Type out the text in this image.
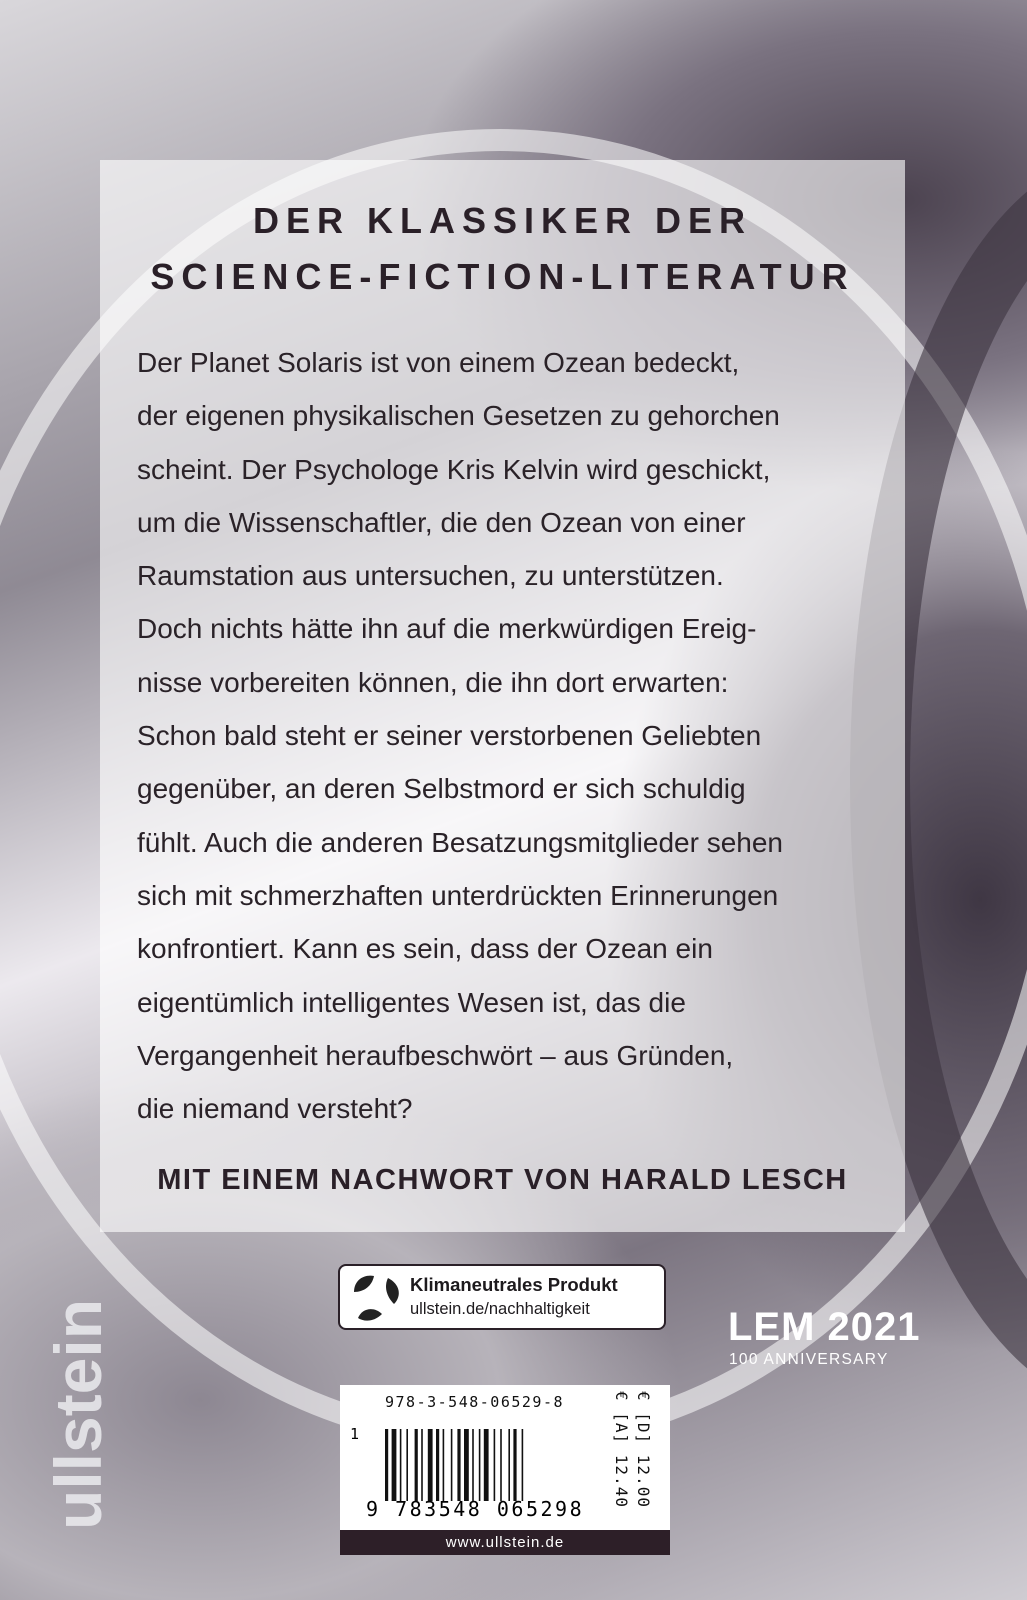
DER KLASSIKER DER
SCIENCE-FICTION-LITERATUR
Der Planet Solaris ist von einem Ozean bedeckt,
der eigenen physikalischen Gesetzen zu gehorchen
scheint. Der Psychologe Kris Kelvin wird geschickt,
um die Wissenschaftler, die den Ozean von einer
Raumstation aus untersuchen, zu unterstützen.
Doch nichts hätte ihn auf die merkwürdigen Ereig-
nisse vorbereiten können, die ihn dort erwarten:
Schon bald steht er seiner verstorbenen Geliebten
gegenüber, an deren Selbstmord er sich schuldig
fühlt. Auch die anderen Besatzungsmitglieder sehen
sich mit schmerzhaften unterdrückten Erinnerungen
konfrontiert. Kann es sein, dass der Ozean ein
eigentümlich intelligentes Wesen ist, das die
Vergangenheit heraufbeschwört – aus Gründen,
die niemand versteht?
MIT EINEM NACHWORT VON HARALD LESCH
ullstein
Klimaneutrales Produkt
ullstein.de/nachhaltigkeit
978-3-548-06529-8
1
9 783548 065298
€ [A] 12.40 € [D] 12.00
www.ullstein.de
LEM 2021
100 ANNIVERSARY
